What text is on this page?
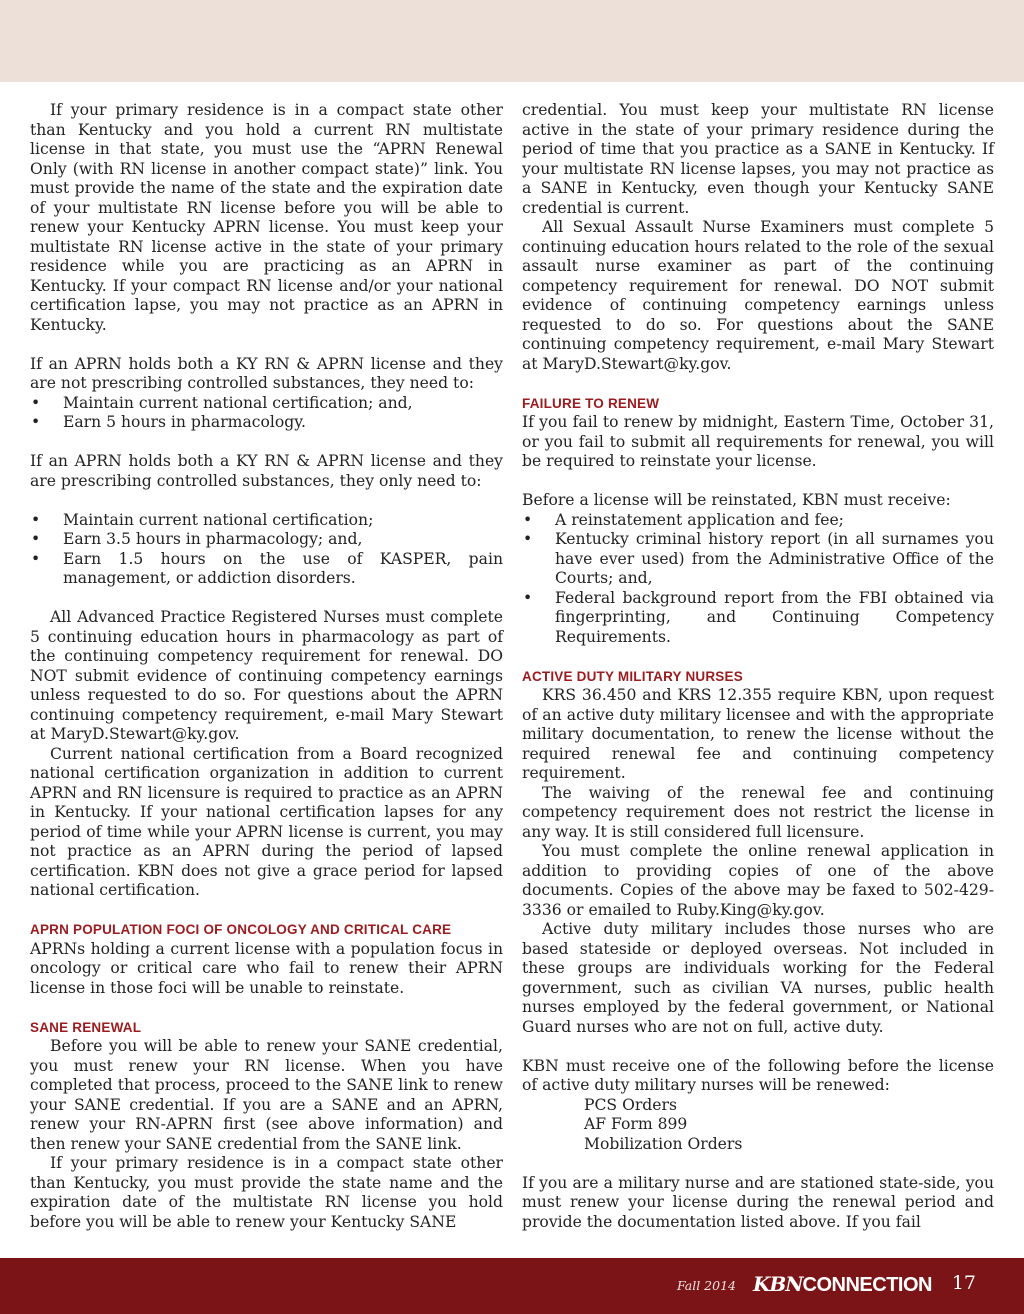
If your primary residence is in a compact state other than Kentucky and you hold a current RN multistate license in that state, you must use the “APRN Renewal Only (with RN license in another compact state)” link. You must provide the name of the state and the expiration date of your multistate RN license before you will be able to renew your Kentucky APRN license. You must keep your multistate RN license active in the state of your primary residence while you are practicing as an APRN in Kentucky. If your compact RN license and/or your national certification lapse, you may not practice as an APRN in Kentucky.

If an APRN holds both a KY RN & APRN license and they are not prescribing controlled substances, they need to:

• Maintain current national certification; and,
• Earn 5 hours in pharmacology.

If an APRN holds both a KY RN & APRN license and they are prescribing controlled substances, they only need to:

• Maintain current national certification;
• Earn 3.5 hours in pharmacology; and,
• Earn 1.5 hours on the use of KASPER, pain management, or addiction disorders.

All Advanced Practice Registered Nurses must complete 5 continuing education hours in pharmacology as part of the continuing competency requirement for renewal. DO NOT submit evidence of continuing competency earnings unless requested to do so. For questions about the APRN continuing competency requirement, e-mail Mary Stewart at MaryD.Stewart@ky.gov.

Current national certification from a Board recognized national certification organization in addition to current APRN and RN licensure is required to practice as an APRN in Kentucky. If your national certification lapses for any period of time while your APRN license is current, you may not practice as an APRN during the period of lapsed certification. KBN does not give a grace period for lapsed national certification.

APRN POPULATION FOCI OF ONCOLOGY AND CRITICAL CARE

APRNs holding a current license with a population focus in oncology or critical care who fail to renew their APRN license in those foci will be unable to reinstate.

SANE RENEWAL

Before you will be able to renew your SANE credential, you must renew your RN license. When you have completed that process, proceed to the SANE link to renew your SANE credential. If you are a SANE and an APRN, renew your RN-APRN first (see above information) and then renew your SANE credential from the SANE link.

If your primary residence is in a compact state other than Kentucky, you must provide the state name and the expiration date of the multistate RN license you hold before you will be able to renew your Kentucky SANE

credential. You must keep your multistate RN license active in the state of your primary residence during the period of time that you practice as a SANE in Kentucky. If your multistate RN license lapses, you may not practice as a SANE in Kentucky, even though your Kentucky SANE credential is current.

All Sexual Assault Nurse Examiners must complete 5 continuing education hours related to the role of the sexual assault nurse examiner as part of the continuing competency requirement for renewal. DO NOT submit evidence of continuing competency earnings unless requested to do so. For questions about the SANE continuing competency requirement, e-mail Mary Stewart at MaryD.Stewart@ky.gov.

FAILURE TO RENEW

If you fail to renew by midnight, Eastern Time, October 31, or you fail to submit all requirements for renewal, you will be required to reinstate your license.

Before a license will be reinstated, KBN must receive:

• A reinstatement application and fee;
• Kentucky criminal history report (in all surnames you have ever used) from the Administrative Office of the Courts; and,
• Federal background report from the FBI obtained via fingerprinting, and Continuing Competency Requirements.
ACTIVE DUTY MILITARY NURSES

KRS 36.450 and KRS 12.355 require KBN, upon request of an active duty military licensee and with the appropriate military documentation, to renew the license without the required renewal fee and continuing competency requirement.

The waiving of the renewal fee and continuing competency requirement does not restrict the license in any way. It is still considered full licensure.

You must complete the online renewal application in addition to providing copies of one of the above documents. Copies of the above may be faxed to 502-429-3336 or emailed to Ruby.King@ky.gov.

Active duty military includes those nurses who are based stateside or deployed overseas. Not included in these groups are individuals working for the Federal government, such as civilian VA nurses, public health nurses employed by the federal government, or National Guard nurses who are not on full, active duty.

KBN must receive one of the following before the license of active duty military nurses will be renewed:

PCS Orders
AF Form 899
Mobilization Orders

If you are a military nurse and are stationed state-side, you must renew your license during the renewal period and provide the documentation listed above. If you fail

Fall 2014 KBNCONNECTION 17
